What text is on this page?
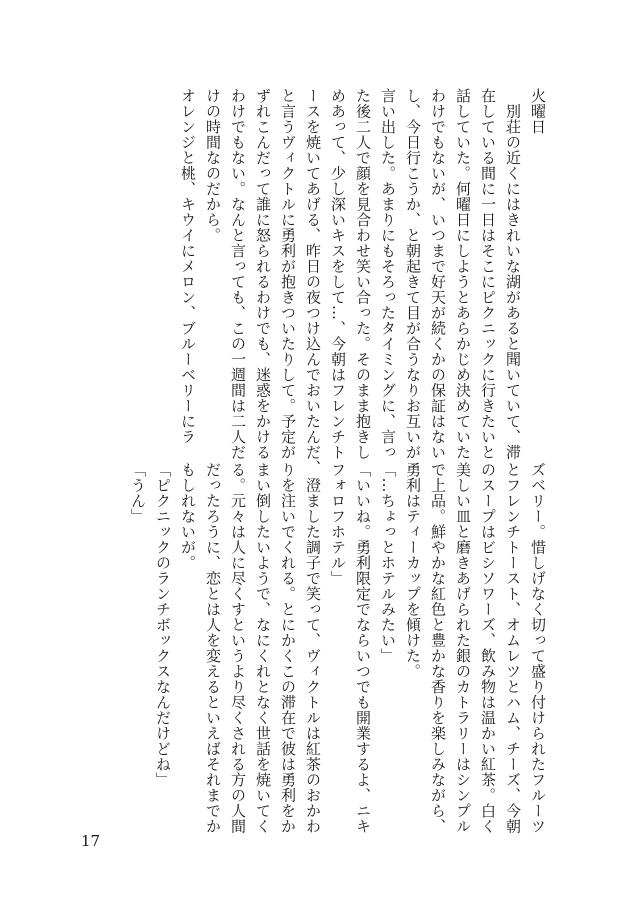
火曜日
　別荘の近くにはきれいな湖があると聞いていて、滞
在している間に一日はそこにピクニックに行きたいと
話していた。何曜日にしようとあらかじめ決めていた
わけでもないが、いつまで好天が続くかの保証はない
し、今日行こうか、と朝起きて目が合うなりお互いが
言い出した。あまりにもそろったタイミングに、言っ
た後二人で顔を見合わせ笑い合った。そのまま抱きし
めあって、少し深いキスをして…、今朝はフレンチト
ースを焼いてあげる、昨日の夜つけ込んでおいたんだ、
と言うヴィクトルに勇利が抱きついたりして。予定が
ずれこんだって誰に怒られるわけでも、迷惑をかける
わけでもない。なんと言っても、この一週間は二人だ
けの時間なのだから。
オレンジと桃、キウイにメロン、ブルーベリーにラ
ズベリー。惜しげなく切って盛り付けられたフルーツ
とフレンチトースト、オムレツとハム、チーズ、今朝
のスープはビシソワーズ、飲み物は温かい紅茶。白く
美しい皿と磨きあげられた銀のカトラリーはシンプル
で上品。鮮やかな紅色と豊かな香りを楽しみながら、
勇利はティーカップを傾けた。
「…ちょっとホテルみたい」
「いいね。勇利限定でならいつでも開業するよ、ニキ
フォロフホテル」
　澄ました調子で笑って、ヴィクトルは紅茶のおかわ
りを注いでくれる。とにかくこの滞在で彼は勇利をか
まい倒したいようで、なにくれとなく世話を焼いてく
る。元々は人に尽くすというより尽くされる方の人間
だったろうに、恋とは人を変えるといえばそれまでか
もしれないが。
「ピクニックのランチボックスなんだけどね」
「うん」
17
